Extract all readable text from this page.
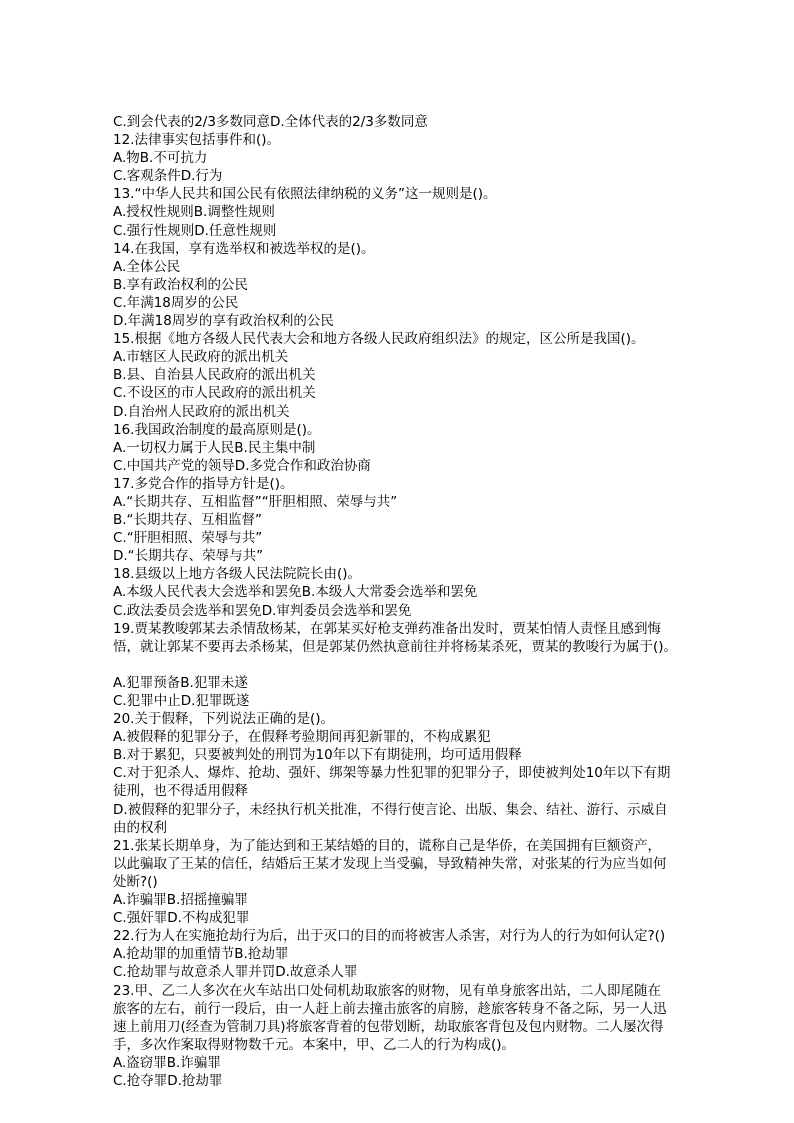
C.到会代表的2/3多数同意D.全体代表的2/3多数同意
12.法律事实包括事件和()。
A.物B.不可抗力
C.客观条件D.行为
13.“中华人民共和国公民有依照法律纳税的义务”这一规则是()。
A.授权性规则B.调整性规则
C.强行性规则D.任意性规则
14.在我国，享有选举权和被选举权的是()。
A.全体公民
B.享有政治权利的公民
C.年满18周岁的公民
D.年满18周岁的享有政治权利的公民
15.根据《地方各级人民代表大会和地方各级人民政府组织法》的规定，区公所是我国()。
A.市辖区人民政府的派出机关
B.县、自治县人民政府的派出机关
C.不设区的市人民政府的派出机关
D.自治州人民政府的派出机关
16.我国政治制度的最高原则是()。
A.一切权力属于人民B.民主集中制
C.中国共产党的领导D.多党合作和政治协商
17.多党合作的指导方针是()。
A.“长期共存、互相监督”“肝胆相照、荣辱与共”
B.“长期共存、互相监督”
C.“肝胆相照、荣辱与共”
D.“长期共存、荣辱与共”
18.县级以上地方各级人民法院院长由()。
A.本级人民代表大会选举和罢免B.本级人大常委会选举和罢免
C.政法委员会选举和罢免D.审判委员会选举和罢免
19.贾某教唆郭某去杀情敌杨某，在郭某买好枪支弹药准备出发时，贾某怕情人责怪且感到悔
悟，就让郭某不要再去杀杨某，但是郭某仍然执意前往并将杨某杀死，贾某的教唆行为属于()。
A.犯罪预备B.犯罪未遂
C.犯罪中止D.犯罪既遂
20.关于假释，下列说法正确的是()。
A.被假释的犯罪分子，在假释考验期间再犯新罪的，不构成累犯
B.对于累犯，只要被判处的刑罚为10年以下有期徒刑，均可适用假释
C.对于犯杀人、爆炸、抢劫、强奸、绑架等暴力性犯罪的犯罪分子，即使被判处10年以下有期
徒刑，也不得适用假释
D.被假释的犯罪分子，未经执行机关批准，不得行使言论、出版、集会、结社、游行、示威自
由的权利
21.张某长期单身，为了能达到和王某结婚的目的，谎称自己是华侨，在美国拥有巨额资产，
以此骗取了王某的信任，结婚后王某才发现上当受骗，导致精神失常，对张某的行为应当如何
处断?()
A.诈骗罪B.招摇撞骗罪
C.强奸罪D.不构成犯罪
22.行为人在实施抢劫行为后，出于灭口的目的而将被害人杀害，对行为人的行为如何认定?()
A.抢劫罪的加重情节B.抢劫罪
C.抢劫罪与故意杀人罪并罚D.故意杀人罪
23.甲、乙二人多次在火车站出口处伺机劫取旅客的财物，见有单身旅客出站，二人即尾随在
旅客的左右，前行一段后，由一人赶上前去撞击旅客的肩膀，趁旅客转身不备之际，另一人迅
速上前用刀(经查为管制刀具)将旅客背着的包带划断，劫取旅客背包及包内财物。二人屡次得
手，多次作案取得财物数千元。本案中，甲、乙二人的行为构成()。
A.盗窃罪B.诈骗罪
C.抢夺罪D.抢劫罪
